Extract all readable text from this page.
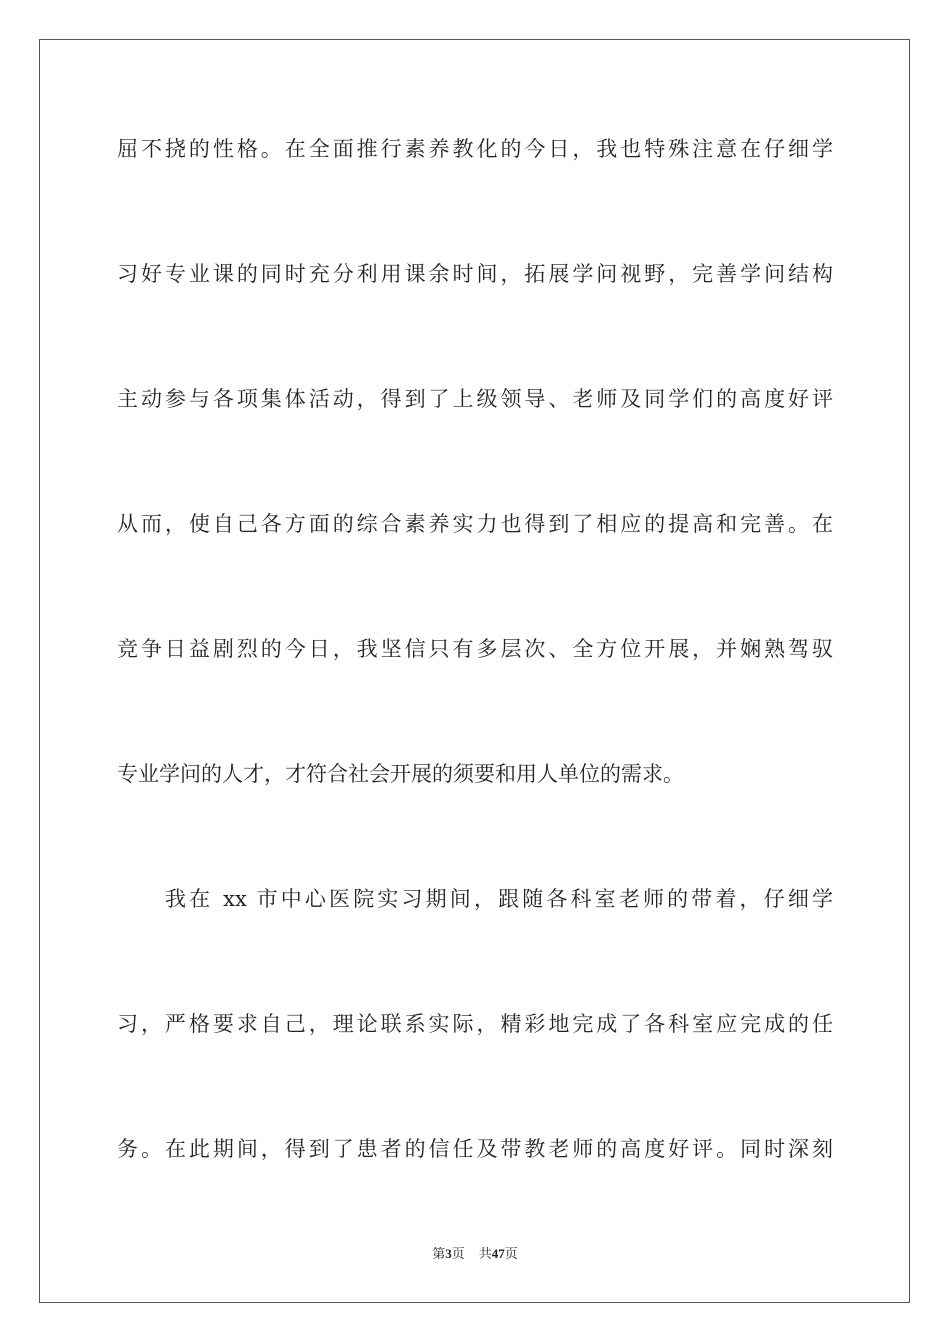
屈不挠的性格。在全面推行素养教化的今日，我也特殊注意在仔细学
习好专业课的同时充分利用课余时间，拓展学问视野，完善学问结构
主动参与各项集体活动，得到了上级领导、老师及同学们的高度好评
从而，使自己各方面的综合素养实力也得到了相应的提高和完善。在
竞争日益剧烈的今日，我坚信只有多层次、全方位开展，并娴熟驾驭
专业学问的人才，才符合社会开展的须要和用人单位的需求。
我在 xx 市中心医院实习期间，跟随各科室老师的带着，仔细学
习，严格要求自己，理论联系实际，精彩地完成了各科室应完成的任
务。在此期间，得到了患者的信任及带教老师的高度好评。同时深刻
第3页 共47页
